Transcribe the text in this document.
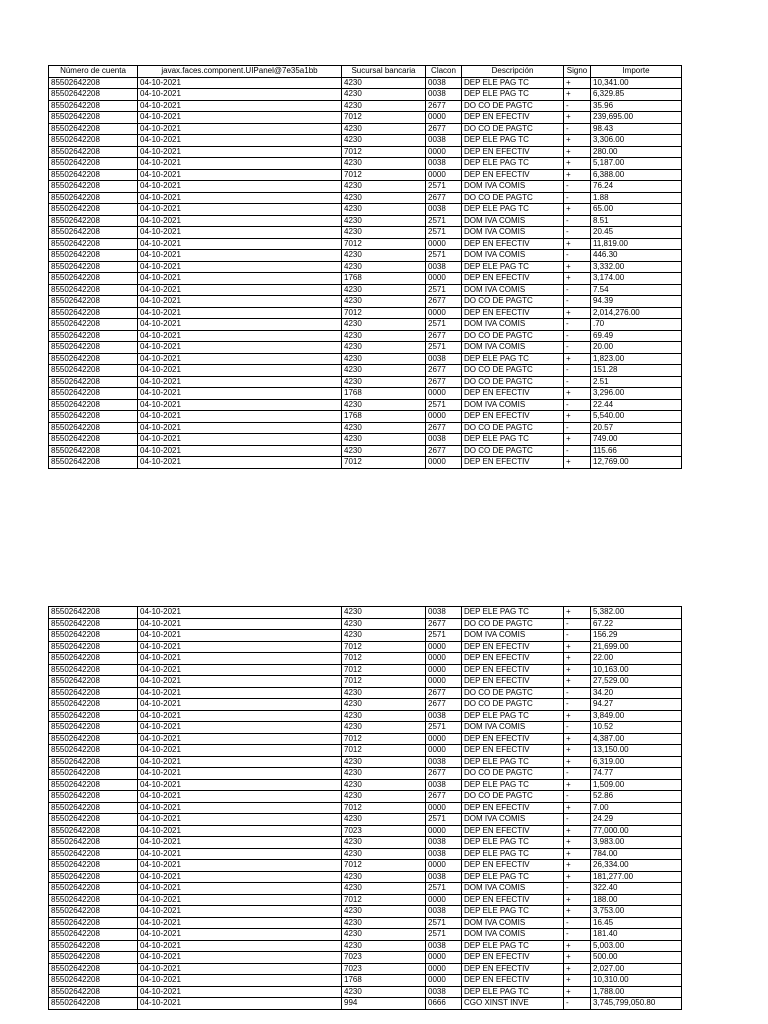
Número de cuenta	javax.faces.component.UIPanel@7e35a1bb	Sucursal bancaria	Clacon	Descripción	Signo	Importe
85502642208	04-10-2021	4230	0038	DEP ELE PAG TC	+	10,341.00
85502642208	04-10-2021	4230	0038	DEP ELE PAG TC	+	6,329.85
85502642208	04-10-2021	4230	2677	DO CO DE PAGTC	-	35.96
85502642208	04-10-2021	7012	0000	DEP EN EFECTIV	+	239,695.00
85502642208	04-10-2021	4230	2677	DO CO DE PAGTC	-	98.43
85502642208	04-10-2021	4230	0038	DEP ELE PAG TC	+	3,306.00
85502642208	04-10-2021	7012	0000	DEP EN EFECTIV	+	280.00
85502642208	04-10-2021	4230	0038	DEP ELE PAG TC	+	5,187.00
85502642208	04-10-2021	7012	0000	DEP EN EFECTIV	+	6,388.00
85502642208	04-10-2021	4230	2571	DOM IVA COMIS	-	76.24
85502642208	04-10-2021	4230	2677	DO CO DE PAGTC	-	1.88
85502642208	04-10-2021	4230	0038	DEP ELE PAG TC	+	65.00
85502642208	04-10-2021	4230	2571	DOM IVA COMIS	-	8.51
85502642208	04-10-2021	4230	2571	DOM IVA COMIS	-	20.45
85502642208	04-10-2021	7012	0000	DEP EN EFECTIV	+	11,819.00
85502642208	04-10-2021	4230	2571	DOM IVA COMIS	-	446.30
85502642208	04-10-2021	4230	0038	DEP ELE PAG TC	+	3,332.00
85502642208	04-10-2021	1768	0000	DEP EN EFECTIV	+	3,174.00
85502642208	04-10-2021	4230	2571	DOM IVA COMIS	-	7.54
85502642208	04-10-2021	4230	2677	DO CO DE PAGTC	-	94.39
85502642208	04-10-2021	7012	0000	DEP EN EFECTIV	+	2,014,276.00
85502642208	04-10-2021	4230	2571	DOM IVA COMIS	-	.70
85502642208	04-10-2021	4230	2677	DO CO DE PAGTC	-	69.49
85502642208	04-10-2021	4230	2571	DOM IVA COMIS	-	20.00
85502642208	04-10-2021	4230	0038	DEP ELE PAG TC	+	1,823.00
85502642208	04-10-2021	4230	2677	DO CO DE PAGTC	-	151.28
85502642208	04-10-2021	4230	2677	DO CO DE PAGTC	-	2.51
85502642208	04-10-2021	1768	0000	DEP EN EFECTIV	+	3,296.00
85502642208	04-10-2021	4230	2571	DOM IVA COMIS	-	22.44
85502642208	04-10-2021	1768	0000	DEP EN EFECTIV	+	5,540.00
85502642208	04-10-2021	4230	2677	DO CO DE PAGTC	-	20.57
85502642208	04-10-2021	4230	0038	DEP ELE PAG TC	+	749.00
85502642208	04-10-2021	4230	2677	DO CO DE PAGTC	-	115.66
85502642208	04-10-2021	7012	0000	DEP EN EFECTIV	+	12,769.00
85502642208	04-10-2021	4230	0038	DEP ELE PAG TC	+	5,382.00
85502642208	04-10-2021	4230	2677	DO CO DE PAGTC	-	67.22
85502642208	04-10-2021	4230	2571	DOM IVA COMIS	-	156.29
85502642208	04-10-2021	7012	0000	DEP EN EFECTIV	+	21,699.00
85502642208	04-10-2021	7012	0000	DEP EN EFECTIV	+	22.00
85502642208	04-10-2021	7012	0000	DEP EN EFECTIV	+	10,163.00
85502642208	04-10-2021	7012	0000	DEP EN EFECTIV	+	27,529.00
85502642208	04-10-2021	4230	2677	DO CO DE PAGTC	-	34.20
85502642208	04-10-2021	4230	2677	DO CO DE PAGTC	-	94.27
85502642208	04-10-2021	4230	0038	DEP ELE PAG TC	+	3,849.00
85502642208	04-10-2021	4230	2571	DOM IVA COMIS	-	10.52
85502642208	04-10-2021	7012	0000	DEP EN EFECTIV	+	4,387.00
85502642208	04-10-2021	7012	0000	DEP EN EFECTIV	+	13,150.00
85502642208	04-10-2021	4230	0038	DEP ELE PAG TC	+	6,319.00
85502642208	04-10-2021	4230	2677	DO CO DE PAGTC	-	74.77
85502642208	04-10-2021	4230	0038	DEP ELE PAG TC	+	1,509.00
85502642208	04-10-2021	4230	2677	DO CO DE PAGTC	-	52.86
85502642208	04-10-2021	7012	0000	DEP EN EFECTIV	+	7.00
85502642208	04-10-2021	4230	2571	DOM IVA COMIS	-	24.29
85502642208	04-10-2021	7023	0000	DEP EN EFECTIV	+	77,000.00
85502642208	04-10-2021	4230	0038	DEP ELE PAG TC	+	3,983.00
85502642208	04-10-2021	4230	0038	DEP ELE PAG TC	+	784.00
85502642208	04-10-2021	7012	0000	DEP EN EFECTIV	+	26,334.00
85502642208	04-10-2021	4230	0038	DEP ELE PAG TC	+	181,277.00
85502642208	04-10-2021	4230	2571	DOM IVA COMIS	-	322.40
85502642208	04-10-2021	7012	0000	DEP EN EFECTIV	+	188.00
85502642208	04-10-2021	4230	0038	DEP ELE PAG TC	+	3,753.00
85502642208	04-10-2021	4230	2571	DOM IVA COMIS	-	16.45
85502642208	04-10-2021	4230	2571	DOM IVA COMIS	-	181.40
85502642208	04-10-2021	4230	0038	DEP ELE PAG TC	+	5,003.00
85502642208	04-10-2021	7023	0000	DEP EN EFECTIV	+	500.00
85502642208	04-10-2021	7023	0000	DEP EN EFECTIV	+	2,027.00
85502642208	04-10-2021	1768	0000	DEP EN EFECTIV	+	10,310.00
85502642208	04-10-2021	4230	0038	DEP ELE PAG TC	+	1,788.00
85502642208	04-10-2021	994	0666	CGO XINST INVE	-	3,745,799,050.80
